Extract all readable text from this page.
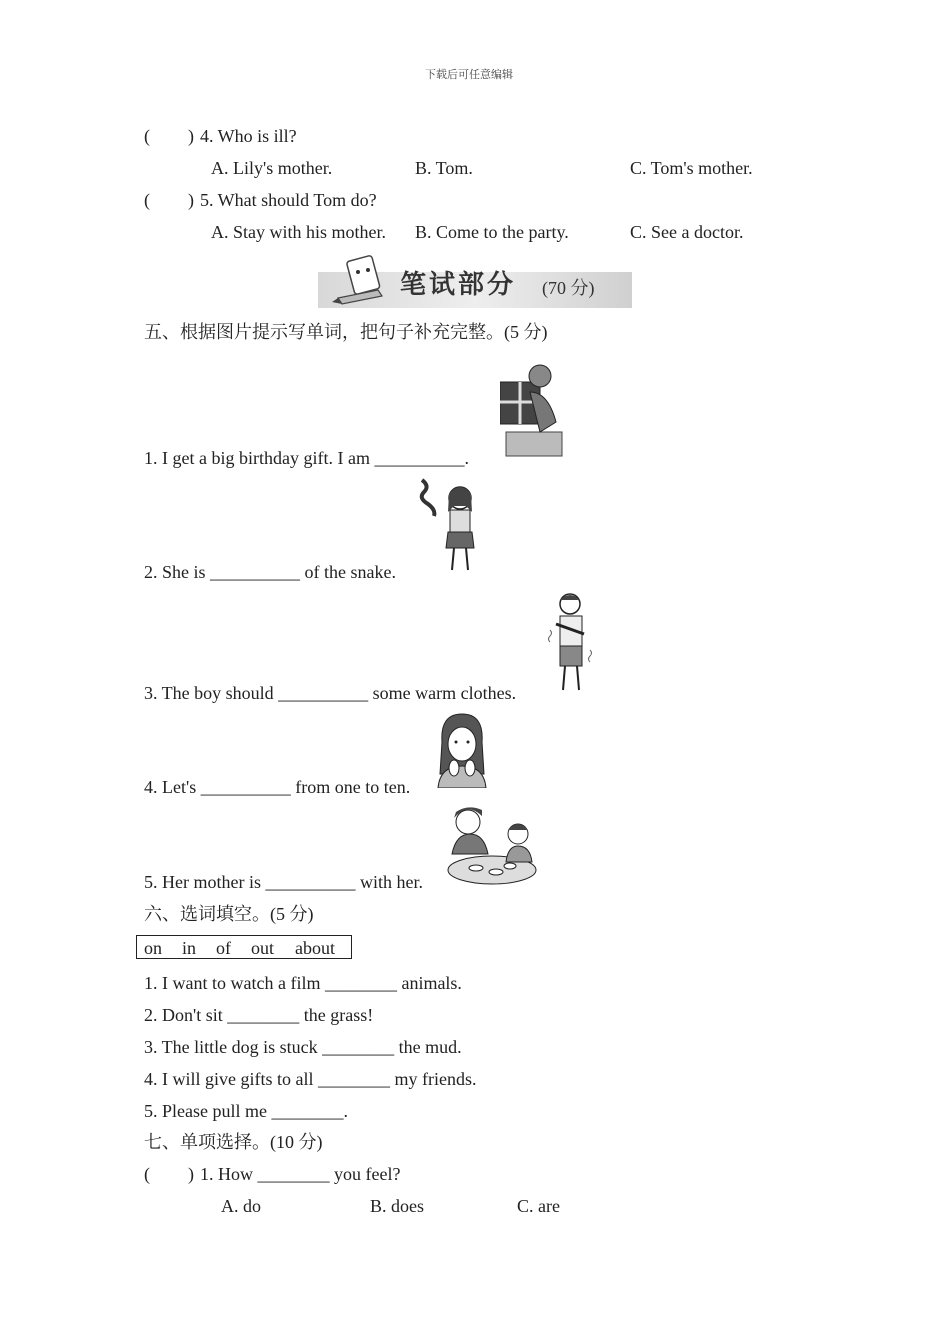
下载后可任意编辑
( ) 4. Who is ill?
A. Lily's mother.	B. Tom.	C. Tom's mother.
( ) 5. What should Tom do?
A. Stay with his mother. B. Come to the party.	C. See a doctor.
笔试部分 (70 分)
五、根据图片提示写单词，把句子补充完整。(5 分)
1. I get a big birthday gift. I am __________.
2. She is __________ of the snake.
3. The boy should __________ some warm clothes.
4. Let's __________ from one to ten.
5. Her mother is __________ with her.
六、选词填空。(5 分)
on in of out about
1. I want to watch a film ________ animals.
2. Don't sit ________ the grass!
3. The little dog is stuck ________ the mud.
4. I will give gifts to all ________ my friends.
5. Please pull me ________.
七、单项选择。(10 分)
( ) 1. How ________ you feel?
A. do	B. does	C. are
